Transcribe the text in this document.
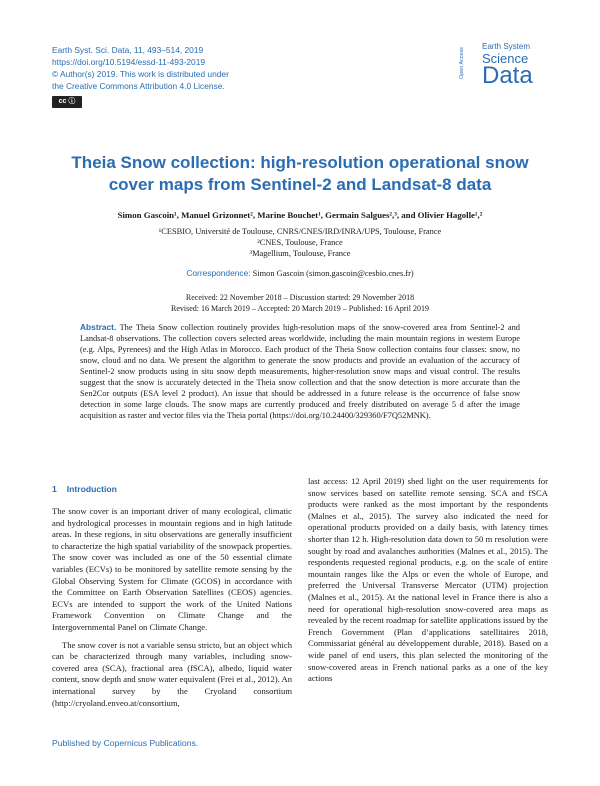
Earth Syst. Sci. Data, 11, 493–514, 2019
https://doi.org/10.5194/essd-11-493-2019
© Author(s) 2019. This work is distributed under
the Creative Commons Attribution 4.0 License.
cc ⓘ
Open Access
Earth System
Science
Data
Theia Snow collection: high-resolution operational snow cover maps from Sentinel-2 and Landsat-8 data
Simon Gascoin¹, Manuel Grizonnet², Marine Bouchet¹, Germain Salgues²,³, and Olivier Hagolle¹,²
¹CESBIO, Université de Toulouse, CNRS/CNES/IRD/INRA/UPS, Toulouse, France
²CNES, Toulouse, France
³Magellium, Toulouse, France
Correspondence: Simon Gascoin (simon.gascoin@cesbio.cnes.fr)
Received: 22 November 2018 – Discussion started: 29 November 2018
Revised: 16 March 2019 – Accepted: 20 March 2019 – Published: 16 April 2019
Abstract. The Theia Snow collection routinely provides high-resolution maps of the snow-covered area from Sentinel-2 and Landsat-8 observations. The collection covers selected areas worldwide, including the main mountain regions in western Europe (e.g. Alps, Pyrenees) and the High Atlas in Morocco. Each product of the Theia Snow collection contains four classes: snow, no snow, cloud and no data. We present the algorithm to generate the snow products and provide an evaluation of the accuracy of Sentinel-2 snow products using in situ snow depth measurements, higher-resolution snow maps and visual control. The results suggest that the snow is accurately detected in the Theia snow collection and that the snow detection is more accurate than the Sen2Cor outputs (ESA level 2 product). An issue that should be addressed in a future release is the occurrence of false snow detection in some large clouds. The snow maps are currently produced and freely distributed on average 5 d after the image acquisition as raster and vector files via the Theia portal (https://doi.org/10.24400/329360/F7Q52MNK).
1 Introduction

The snow cover is an important driver of many ecological, climatic and hydrological processes in mountain regions and in high latitude areas. In these regions, in situ observations are generally insufficient to characterize the high spatial variability of the snowpack properties. The snow cover was included as one of the 50 essential climate variables (ECVs) to be monitored by satellite remote sensing by the Global Observing System for Climate (GCOS) in accordance with the Committee on Earth Observation Satellites (CEOS) agencies. ECVs are intended to support the work of the United Nations Framework Convention on Climate Change and the Intergovernmental Panel on Climate Change.

The snow cover is not a variable sensu stricto, but an object which can be characterized through many variables, including snow-covered area (SCA), fractional area (fSCA), albedo, liquid water content, snow depth and snow water equivalent (Frei et al., 2012). An international survey by the Cryoland consortium (http://cryoland.enveo.at/consortium,

last access: 12 April 2019) shed light on the user requirements for snow services based on satellite remote sensing. SCA and fSCA products were ranked as the most important by the respondents (Malnes et al., 2015). The survey also indicated the need for operational products provided on a daily basis, with latency times shorter than 12 h. High-resolution data down to 50 m resolution were sought by road and avalanches authorities (Malnes et al., 2015). The respondents requested regional products, e.g. on the scale of entire mountain ranges like the Alps or even the whole of Europe, and preferred the Universal Transverse Mercator (UTM) projection (Malnes et al., 2015). At the national level in France there is also a need for operational high-resolution snow-covered area maps as revealed by the recent roadmap for satellite applications issued by the French Government (Plan d’applications satellitaires 2018, Commissariat général au développement durable, 2018). Based on a wide panel of end users, this plan selected the monitoring of the snow-covered areas in French national parks as a one of the key actions

Published by Copernicus Publications.
